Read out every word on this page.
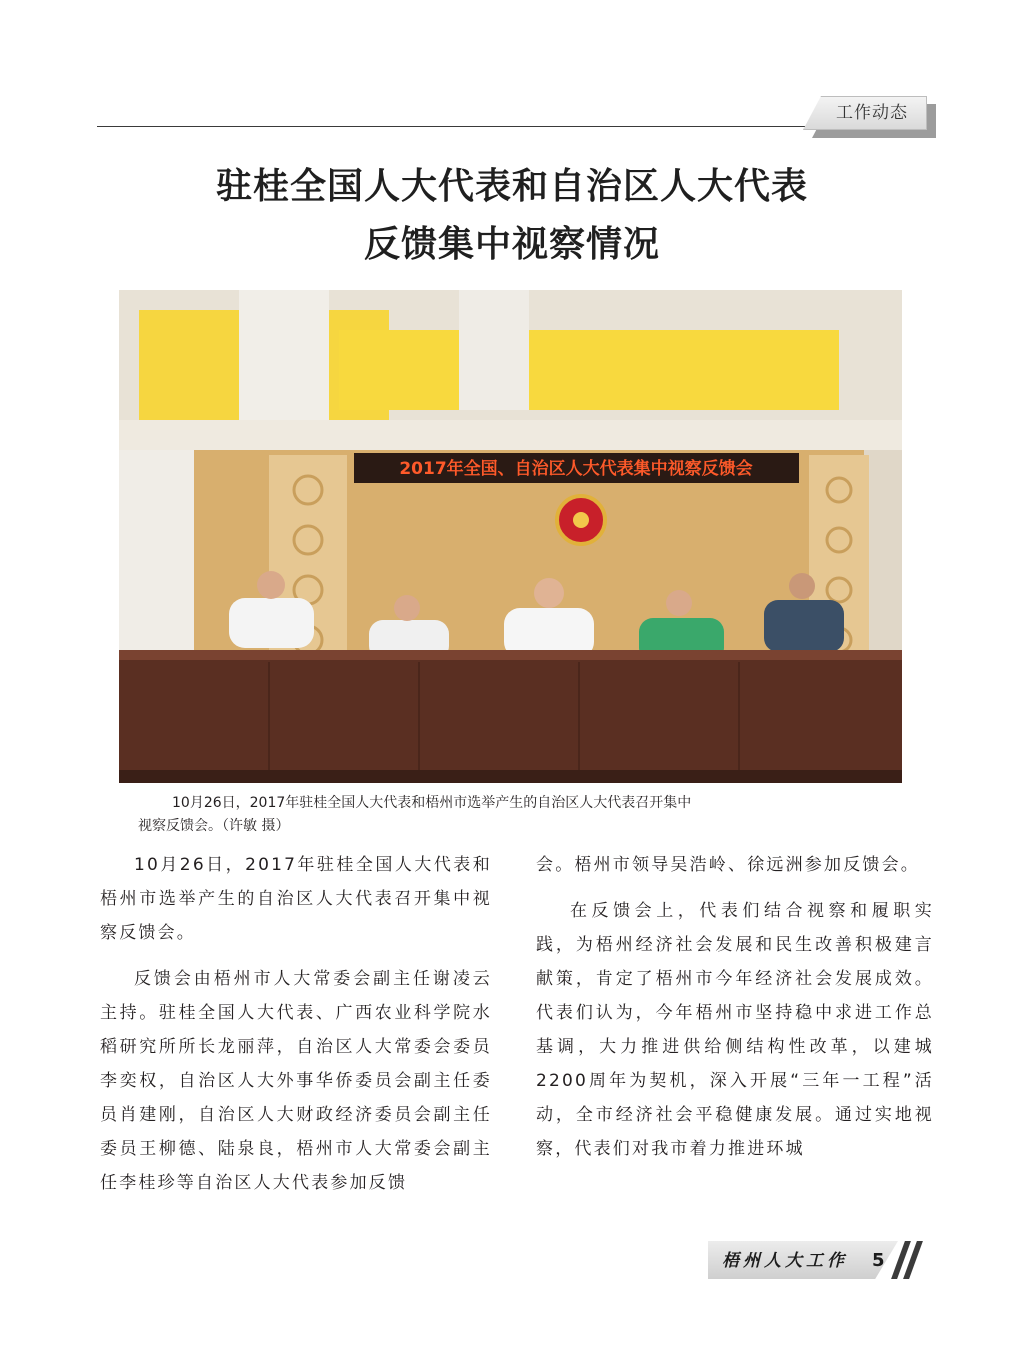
工作动态
驻桂全国人大代表和自治区人大代表
反馈集中视察情况
2017年全国、自治区人大代表集中视察反馈会

10月26日，2017年驻桂全国人大代表和梧州市选举产生的自治区人大代表召开集中
视察反馈会。（许敏 摄）

10月26日，2017年驻桂全国人大代表和梧州市选举产生的自治区人大代表召开集中视察反馈会。

反馈会由梧州市人大常委会副主任谢凌云主持。驻桂全国人大代表、广西农业科学院水稻研究所所长龙丽萍，自治区人大常委会委员李奕权，自治区人大外事华侨委员会副主任委员肖建刚，自治区人大财政经济委员会副主任委员王柳德、陆泉良，梧州市人大常委会副主任李桂珍等自治区人大代表参加反馈

会。梧州市领导吴浩岭、徐远洲参加反馈会。

在反馈会上，代表们结合视察和履职实践，为梧州经济社会发展和民生改善积极建言献策，肯定了梧州市今年经济社会发展成效。代表们认为，今年梧州市坚持稳中求进工作总基调，大力推进供给侧结构性改革，以建城2200周年为契机，深入开展“三年一工程”活动，全市经济社会平稳健康发展。通过实地视察，代表们对我市着力推进环城

梧州人大工作 5
